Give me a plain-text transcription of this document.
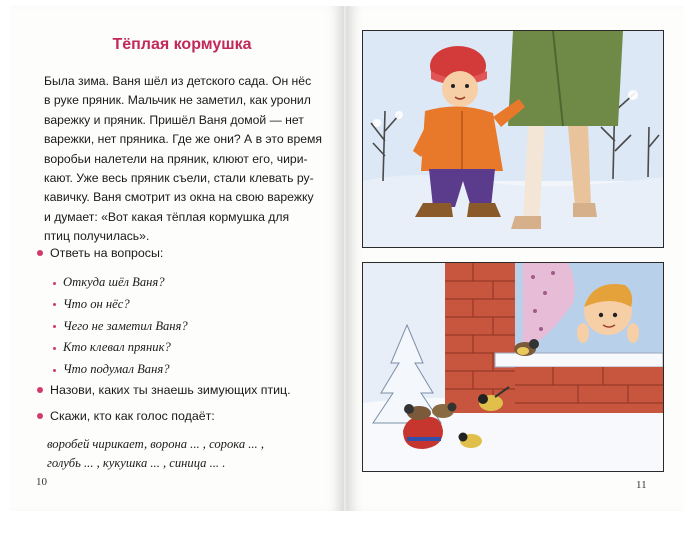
Тёплая кормушка
Была зима. Ваня шёл из детского сада. Он нёс
в руке пряник. Мальчик не заметил, как уронил
варежку и пряник. Пришёл Ваня домой — нет
варежки, нет пряника. Где же они? А в это время
воробьи налетели на пряник, клюют его, чири-
кают. Уже весь пряник съели, стали клевать ру-
кавичку. Ваня смотрит из окна на свою варежку
и думает: «Вот какая тёплая кормушка для
птиц получилась».
Ответь на вопросы:
Откуда шёл Ваня?
Что он нёс?
Чего не заметил Ваня?
Кто клевал пряник?
Что подумал Ваня?
Назови, каких ты знаешь зимующих птиц.
Скажи, кто как голос подаёт:
воробей чирикает, ворона ... , сорока ... ,
голубь ... , кукушка ... , синица ... .
10	11
